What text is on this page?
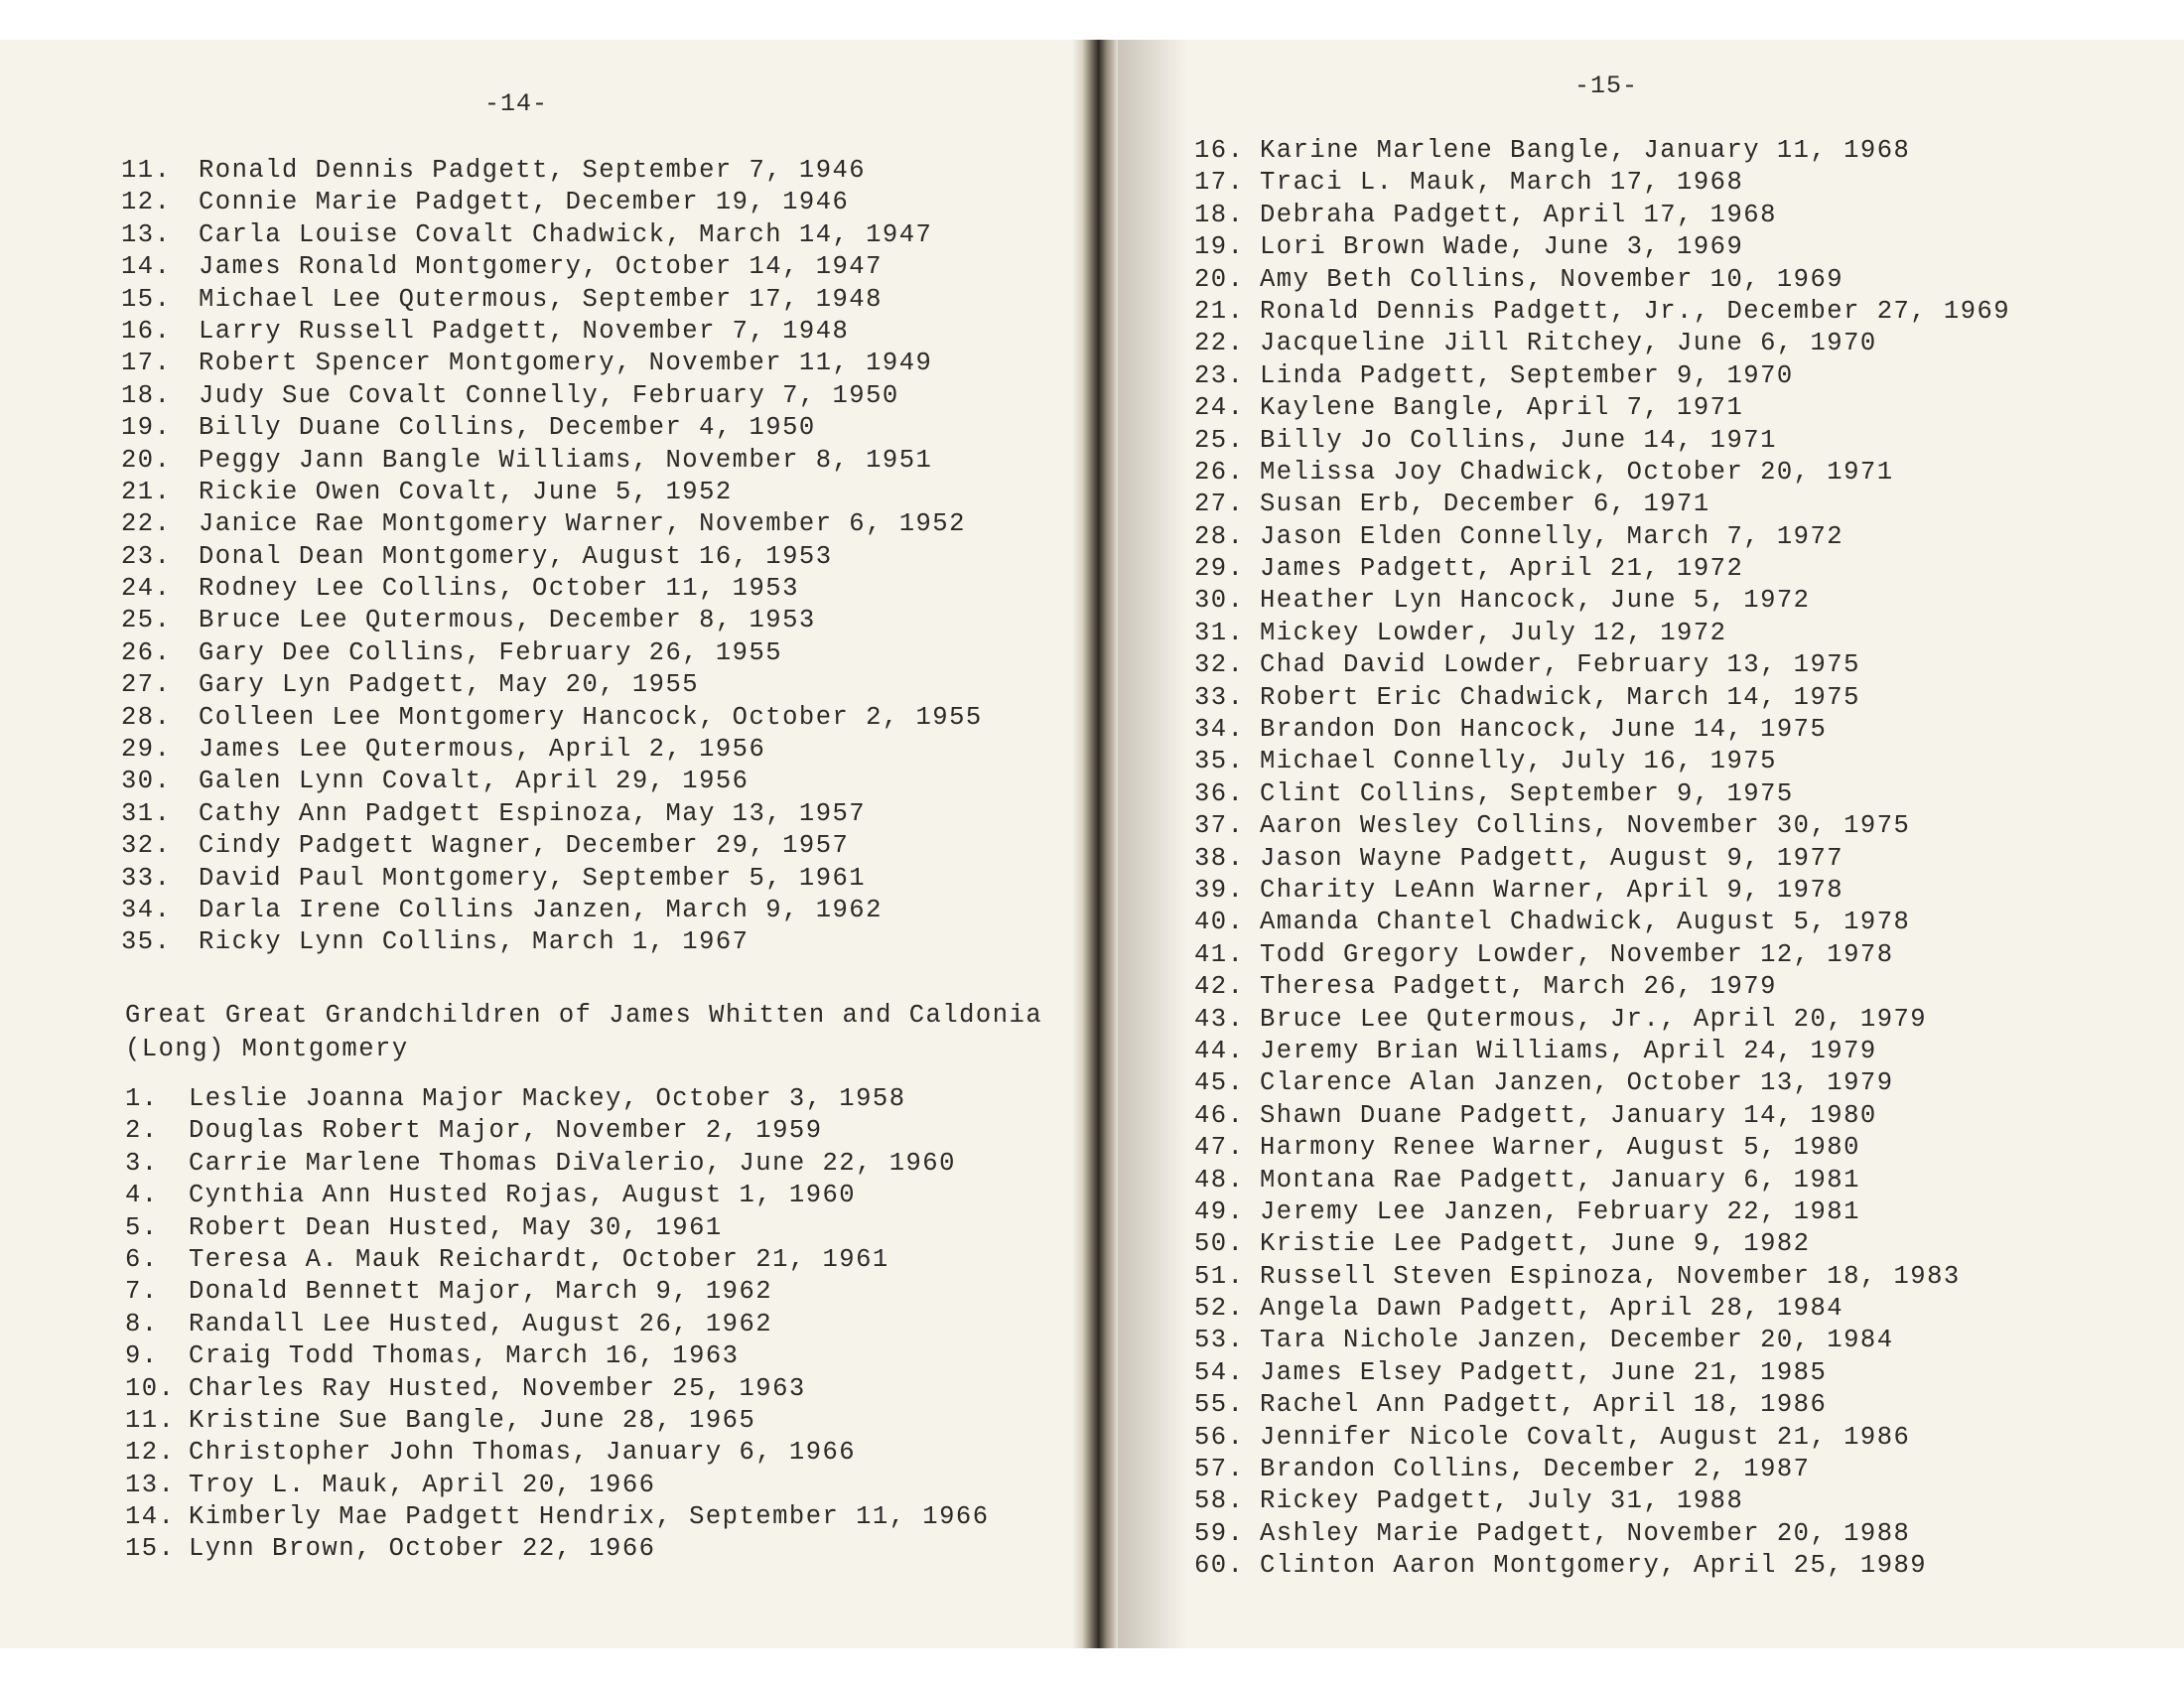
-14-
11. Ronald Dennis Padgett, September 7, 1946
12. Connie Marie Padgett, December 19, 1946
13. Carla Louise Covalt Chadwick, March 14, 1947
14. James Ronald Montgomery, October 14, 1947
15. Michael Lee Qutermous, September 17, 1948
16. Larry Russell Padgett, November 7, 1948
17. Robert Spencer Montgomery, November 11, 1949
18. Judy Sue Covalt Connelly, February 7, 1950
19. Billy Duane Collins, December 4, 1950
20. Peggy Jann Bangle Williams, November 8, 1951
21. Rickie Owen Covalt, June 5, 1952
22. Janice Rae Montgomery Warner, November 6, 1952
23. Donal Dean Montgomery, August 16, 1953
24. Rodney Lee Collins, October 11, 1953
25. Bruce Lee Qutermous, December 8, 1953
26. Gary Dee Collins, February 26, 1955
27. Gary Lyn Padgett, May 20, 1955
28. Colleen Lee Montgomery Hancock, October 2, 1955
29. James Lee Qutermous, April 2, 1956
30. Galen Lynn Covalt, April 29, 1956
31. Cathy Ann Padgett Espinoza, May 13, 1957
32. Cindy Padgett Wagner, December 29, 1957
33. David Paul Montgomery, September 5, 1961
34. Darla Irene Collins Janzen, March 9, 1962
35. Ricky Lynn Collins, March 1, 1967
Great Great Grandchildren of James Whitten and Caldonia
(Long) Montgomery
1. Leslie Joanna Major Mackey, October 3, 1958
2. Douglas Robert Major, November 2, 1959
3. Carrie Marlene Thomas DiValerio, June 22, 1960
4. Cynthia Ann Husted Rojas, August 1, 1960
5. Robert Dean Husted, May 30, 1961
6. Teresa A. Mauk Reichardt, October 21, 1961
7. Donald Bennett Major, March 9, 1962
8. Randall Lee Husted, August 26, 1962
9. Craig Todd Thomas, March 16, 1963
10. Charles Ray Husted, November 25, 1963
11. Kristine Sue Bangle, June 28, 1965
12. Christopher John Thomas, January 6, 1966
13. Troy L. Mauk, April 20, 1966
14. Kimberly Mae Padgett Hendrix, September 11, 1966
15. Lynn Brown, October 22, 1966
-15-
16. Karine Marlene Bangle, January 11, 1968
17. Traci L. Mauk, March 17, 1968
18. Debraha Padgett, April 17, 1968
19. Lori Brown Wade, June 3, 1969
20. Amy Beth Collins, November 10, 1969
21. Ronald Dennis Padgett, Jr., December 27, 1969
22. Jacqueline Jill Ritchey, June 6, 1970
23. Linda Padgett, September 9, 1970
24. Kaylene Bangle, April 7, 1971
25. Billy Jo Collins, June 14, 1971
26. Melissa Joy Chadwick, October 20, 1971
27. Susan Erb, December 6, 1971
28. Jason Elden Connelly, March 7, 1972
29. James Padgett, April 21, 1972
30. Heather Lyn Hancock, June 5, 1972
31. Mickey Lowder, July 12, 1972
32. Chad David Lowder, February 13, 1975
33. Robert Eric Chadwick, March 14, 1975
34. Brandon Don Hancock, June 14, 1975
35. Michael Connelly, July 16, 1975
36. Clint Collins, September 9, 1975
37. Aaron Wesley Collins, November 30, 1975
38. Jason Wayne Padgett, August 9, 1977
39. Charity LeAnn Warner, April 9, 1978
40. Amanda Chantel Chadwick, August 5, 1978
41. Todd Gregory Lowder, November 12, 1978
42. Theresa Padgett, March 26, 1979
43. Bruce Lee Qutermous, Jr., April 20, 1979
44. Jeremy Brian Williams, April 24, 1979
45. Clarence Alan Janzen, October 13, 1979
46. Shawn Duane Padgett, January 14, 1980
47. Harmony Renee Warner, August 5, 1980
48. Montana Rae Padgett, January 6, 1981
49. Jeremy Lee Janzen, February 22, 1981
50. Kristie Lee Padgett, June 9, 1982
51. Russell Steven Espinoza, November 18, 1983
52. Angela Dawn Padgett, April 28, 1984
53. Tara Nichole Janzen, December 20, 1984
54. James Elsey Padgett, June 21, 1985
55. Rachel Ann Padgett, April 18, 1986
56. Jennifer Nicole Covalt, August 21, 1986
57. Brandon Collins, December 2, 1987
58. Rickey Padgett, July 31, 1988
59. Ashley Marie Padgett, November 20, 1988
60. Clinton Aaron Montgomery, April 25, 1989
